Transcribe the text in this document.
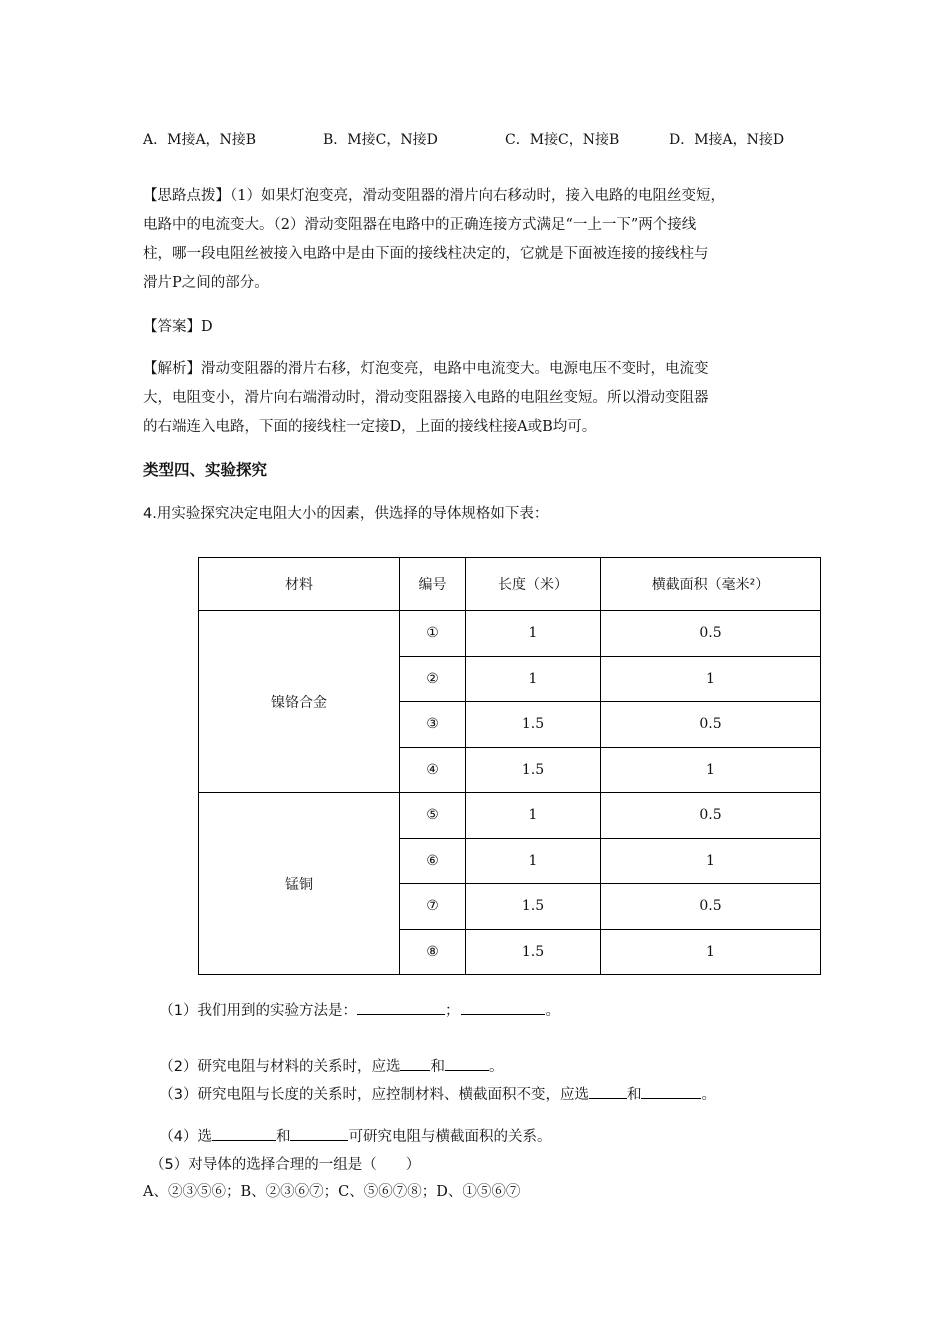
A．M接A，N接B	B．M接C，N接D	C．M接C，N接B	D．M接A，N接D
【思路点拨】（1）如果灯泡变亮，滑动变阻器的滑片向右移动时，接入电路的电阻丝变短，
电路中的电流变大。（2）滑动变阻器在电路中的正确连接方式满足“一上一下”两个接线
柱，哪一段电阻丝被接入电路中是由下面的接线柱决定的，它就是下面被连接的接线柱与
滑片P之间的部分。
【答案】D
【解析】滑动变阻器的滑片右移，灯泡变亮，电路中电流变大。电源电压不变时，电流变
大，电阻变小，滑片向右端滑动时，滑动变阻器接入电路的电阻丝变短。所以滑动变阻器
的右端连入电路，下面的接线柱一定接D，上面的接线柱接A或B均可。
类型四、实验探究
4.用实验探究决定电阻大小的因素，供选择的导体规格如下表：
材料	编号	长度（米）	横截面积（毫米²）
镍铬合金	①	1	0.5
	②	1	1
	③	1.5	0.5
	④	1.5	1
锰铜	⑤	1	0.5
	⑥	1	1
	⑦	1.5	0.5
	⑧	1.5	1

（1）我们用到的实验方法是：	；	。

（2）研究电阻与材料的关系时，应选 和	。

（3）研究电阻与长度的关系时，应控制材料、横截面积不变，应选	和	。

（4）选	和	可研究电阻与横截面积的关系。

（5）对导体的选择合理的一组是（　　）
A、②③⑤⑥；B、②③⑥⑦；C、⑤⑥⑦⑧；D、①⑤⑥⑦
